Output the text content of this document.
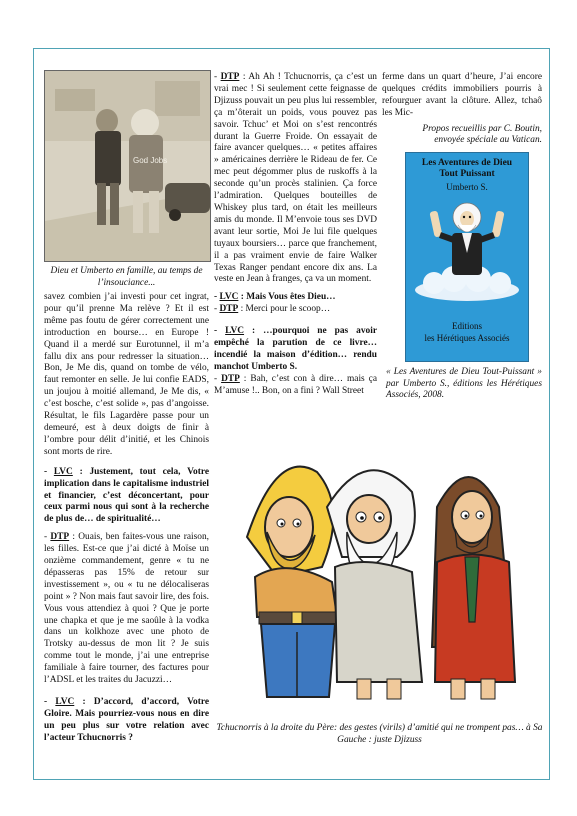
God Jobs
Dieu et Umberto en famille, au temps de l’insouciance...

savez combien j’ai investi pour cet ingrat, pour qu’il prenne Ma relève ? Et il est même pas foutu de gérer correctement une introduction en bourse… en Europe ! Quand il a merdé sur Eurotunnel, il m’a fallu dix ans pour redresser la situation… Bon, Je Me dis, quand on tombe de vélo, faut remonter en selle. Je lui confie EADS, un joujou à moitié allemand, Je Me dis, « c’est bosche, c’est solide », pas d’angoisse. Résultat, le fils Lagardère passe pour un demeuré, est à deux doigts de finir à l’ombre pour délit d’initié, et les Chinois sont morts de rire.

- LVC : Justement, tout cela, Votre implication dans le capitalisme industriel et financier, c’est déconcertant, pour ceux parmi nous qui sont à la recherche de plus de… de spiritualité…

- DTP : Ouais, ben faites-vous une raison, les filles. Est-ce que j’ai dicté à Moïse un onzième commandement, genre « tu ne dépasseras pas 15% de retour sur investissement », ou « tu ne délocaliseras point » ? Non mais faut savoir lire, des fois. Vous vous attendiez à quoi ? Que je porte une chapka et que je me saoûle à la vodka dans un kolkhoze avec une photo de Trotsky au-dessus de mon lit ? Je suis comme tout le monde, j’ai une entreprise familiale à faire tourner, des factures pour l’ADSL et les traites du Jacuzzi…

- LVC : D’accord, d’accord, Votre Gloire. Mais pourriez-vous nous en dire un peu plus sur votre relation avec l’acteur Tchucnorris ?

- DTP : Ah Ah ! Tchucnorris, ça c’est un vrai mec ! Si seulement cette feignasse de Djizuss pouvait un peu plus lui ressembler, ça m’ôterait un poids, vous pouvez pas savoir. Tchuc’ et Moi on s’est rencontrés durant la Guerre Froide. On essayait de faire avancer quelques… « petites affaires » américaines derrière le Rideau de fer. Ce mec peut dégommer plus de ruskoffs à la seconde qu’un procès stalinien. Ça force l’admiration. Quelques bouteilles de Whiskey plus tard, on était les meilleurs amis du monde. Il M’envoie tous ses DVD avant leur sortie, Moi Je lui file quelques tuyaux boursiers… parce que franchement, il a pas vraiment envie de faire Walker Texas Ranger pendant encore dix ans. La veste en Jean à franges, ça va un moment.

- LVC : Mais Vous êtes Dieu…

- DTP : Merci pour le scoop…

- LVC : …pourquoi ne pas avoir empêché la parution de ce livre…incendié la maison d’édition… rendu manchot Umberto S.

- DTP : Bah, c’est con à dire… mais ça M’amuse !.. Bon, on a fini ? Wall Street

ferme dans un quart d’heure, J’ai encore quelques crédits immobiliers pourris à refourguer avant la clôture. Allez, tchaô les Mic-

Propos recueillis par C. Boutin, envoyée spéciale au Vatican.
Les Aventures de Dieu Tout Puissant
Umberto S.
Editions
les Hérétiques Associés
« Les Aventures de Dieu Tout-Puissant » par Umberto S., éditions les Hérétiques Associés, 2008.
Tchucnorris à la droite du Père: des gestes (virils) d’amitié qui ne trompent pas… à Sa Gauche : juste Djizuss
